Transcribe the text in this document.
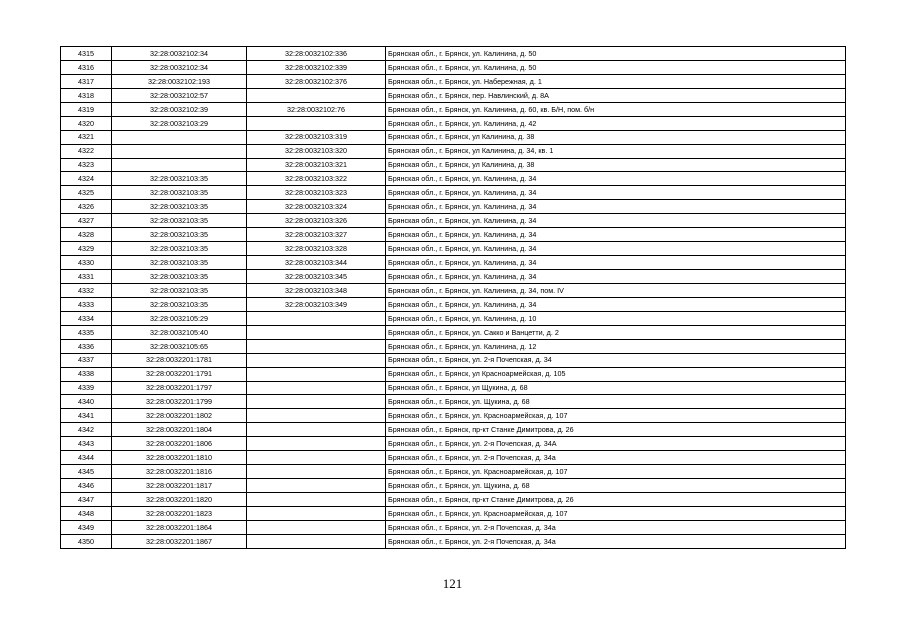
4315	32:28:0032102:34	32:28:0032102:336	Брянская обл., г. Брянск, ул. Калинина, д. 50
4316	32:28:0032102:34	32:28:0032102:339	Брянская обл., г. Брянск, ул. Калинина, д. 50
4317	32:28:0032102:193	32:28:0032102:376	Брянская обл., г. Брянск, ул. Набережная, д. 1
4318	32:28:0032102:57		Брянская обл., г. Брянск, пер. Навлинский, д. 8А
4319	32:28:0032102:39	32:28:0032102:76	Брянская обл., г. Брянск, ул. Калинина, д. 60, кв. Б/Н, пом. б/н
4320	32:28:0032103:29		Брянская обл., г. Брянск, ул. Калинина, д. 42
4321		32:28:0032103:319	Брянская обл., г. Брянск, ул Калинина, д. 38
4322		32:28:0032103:320	Брянская обл., г. Брянск, ул Калинина, д. 34, кв. 1
4323		32:28:0032103:321	Брянская обл., г. Брянск, ул Калинина, д. 38
4324	32:28:0032103:35	32:28:0032103:322	Брянская обл., г. Брянск, ул. Калинина, д. 34
4325	32:28:0032103:35	32:28:0032103:323	Брянская обл., г. Брянск, ул. Калинина, д. 34
4326	32:28:0032103:35	32:28:0032103:324	Брянская обл., г. Брянск, ул. Калинина, д. 34
4327	32:28:0032103:35	32:28:0032103:326	Брянская обл., г. Брянск, ул. Калинина, д. 34
4328	32:28:0032103:35	32:28:0032103:327	Брянская обл., г. Брянск, ул. Калинина, д. 34
4329	32:28:0032103:35	32:28:0032103:328	Брянская обл., г. Брянск, ул. Калинина, д. 34
4330	32:28:0032103:35	32:28:0032103:344	Брянская обл., г. Брянск, ул. Калинина, д. 34
4331	32:28:0032103:35	32:28:0032103:345	Брянская обл., г. Брянск, ул. Калинина, д. 34
4332	32:28:0032103:35	32:28:0032103:348	Брянская обл., г. Брянск, ул. Калинина, д. 34, пом. IV
4333	32:28:0032103:35	32:28:0032103:349	Брянская обл., г. Брянск, ул. Калинина, д. 34
4334	32:28:0032105:29		Брянская обл., г. Брянск, ул. Калинина, д. 10
4335	32:28:0032105:40		Брянская обл., г. Брянск, ул. Сакко и Ванцетти, д. 2
4336	32:28:0032105:65		Брянская обл., г. Брянск, ул. Калинина, д. 12
4337	32:28:0032201:1781		Брянская обл., г. Брянск, ул. 2-я Почепская, д. 34
4338	32:28:0032201:1791		Брянская обл., г. Брянск, ул Красноармейская, д. 105
4339	32:28:0032201:1797		Брянская обл., г. Брянск, ул Щукина, д. 68
4340	32:28:0032201:1799		Брянская обл., г. Брянск, ул. Щукина, д. 68
4341	32:28:0032201:1802		Брянская обл., г. Брянск, ул. Красноармейская, д. 107
4342	32:28:0032201:1804		Брянская обл., г. Брянск, пр-кт Станке Димитрова, д. 26
4343	32:28:0032201:1806		Брянская обл., г. Брянск, ул. 2-я Почепская, д. 34А
4344	32:28:0032201:1810		Брянская обл., г. Брянск, ул. 2-я Почепская, д. 34а
4345	32:28:0032201:1816		Брянская обл., г. Брянск, ул. Красноармейская, д. 107
4346	32:28:0032201:1817		Брянская обл., г. Брянск, ул. Щукина, д. 68
4347	32:28:0032201:1820		Брянская обл., г. Брянск, пр-кт Станке Димитрова, д. 26
4348	32:28:0032201:1823		Брянская обл., г. Брянск, ул. Красноармейская, д. 107
4349	32:28:0032201:1864		Брянская обл., г. Брянск, ул. 2-я Почепская, д. 34а
4350	32:28:0032201:1867		Брянская обл., г. Брянск, ул. 2-я Почепская, д. 34а
121
